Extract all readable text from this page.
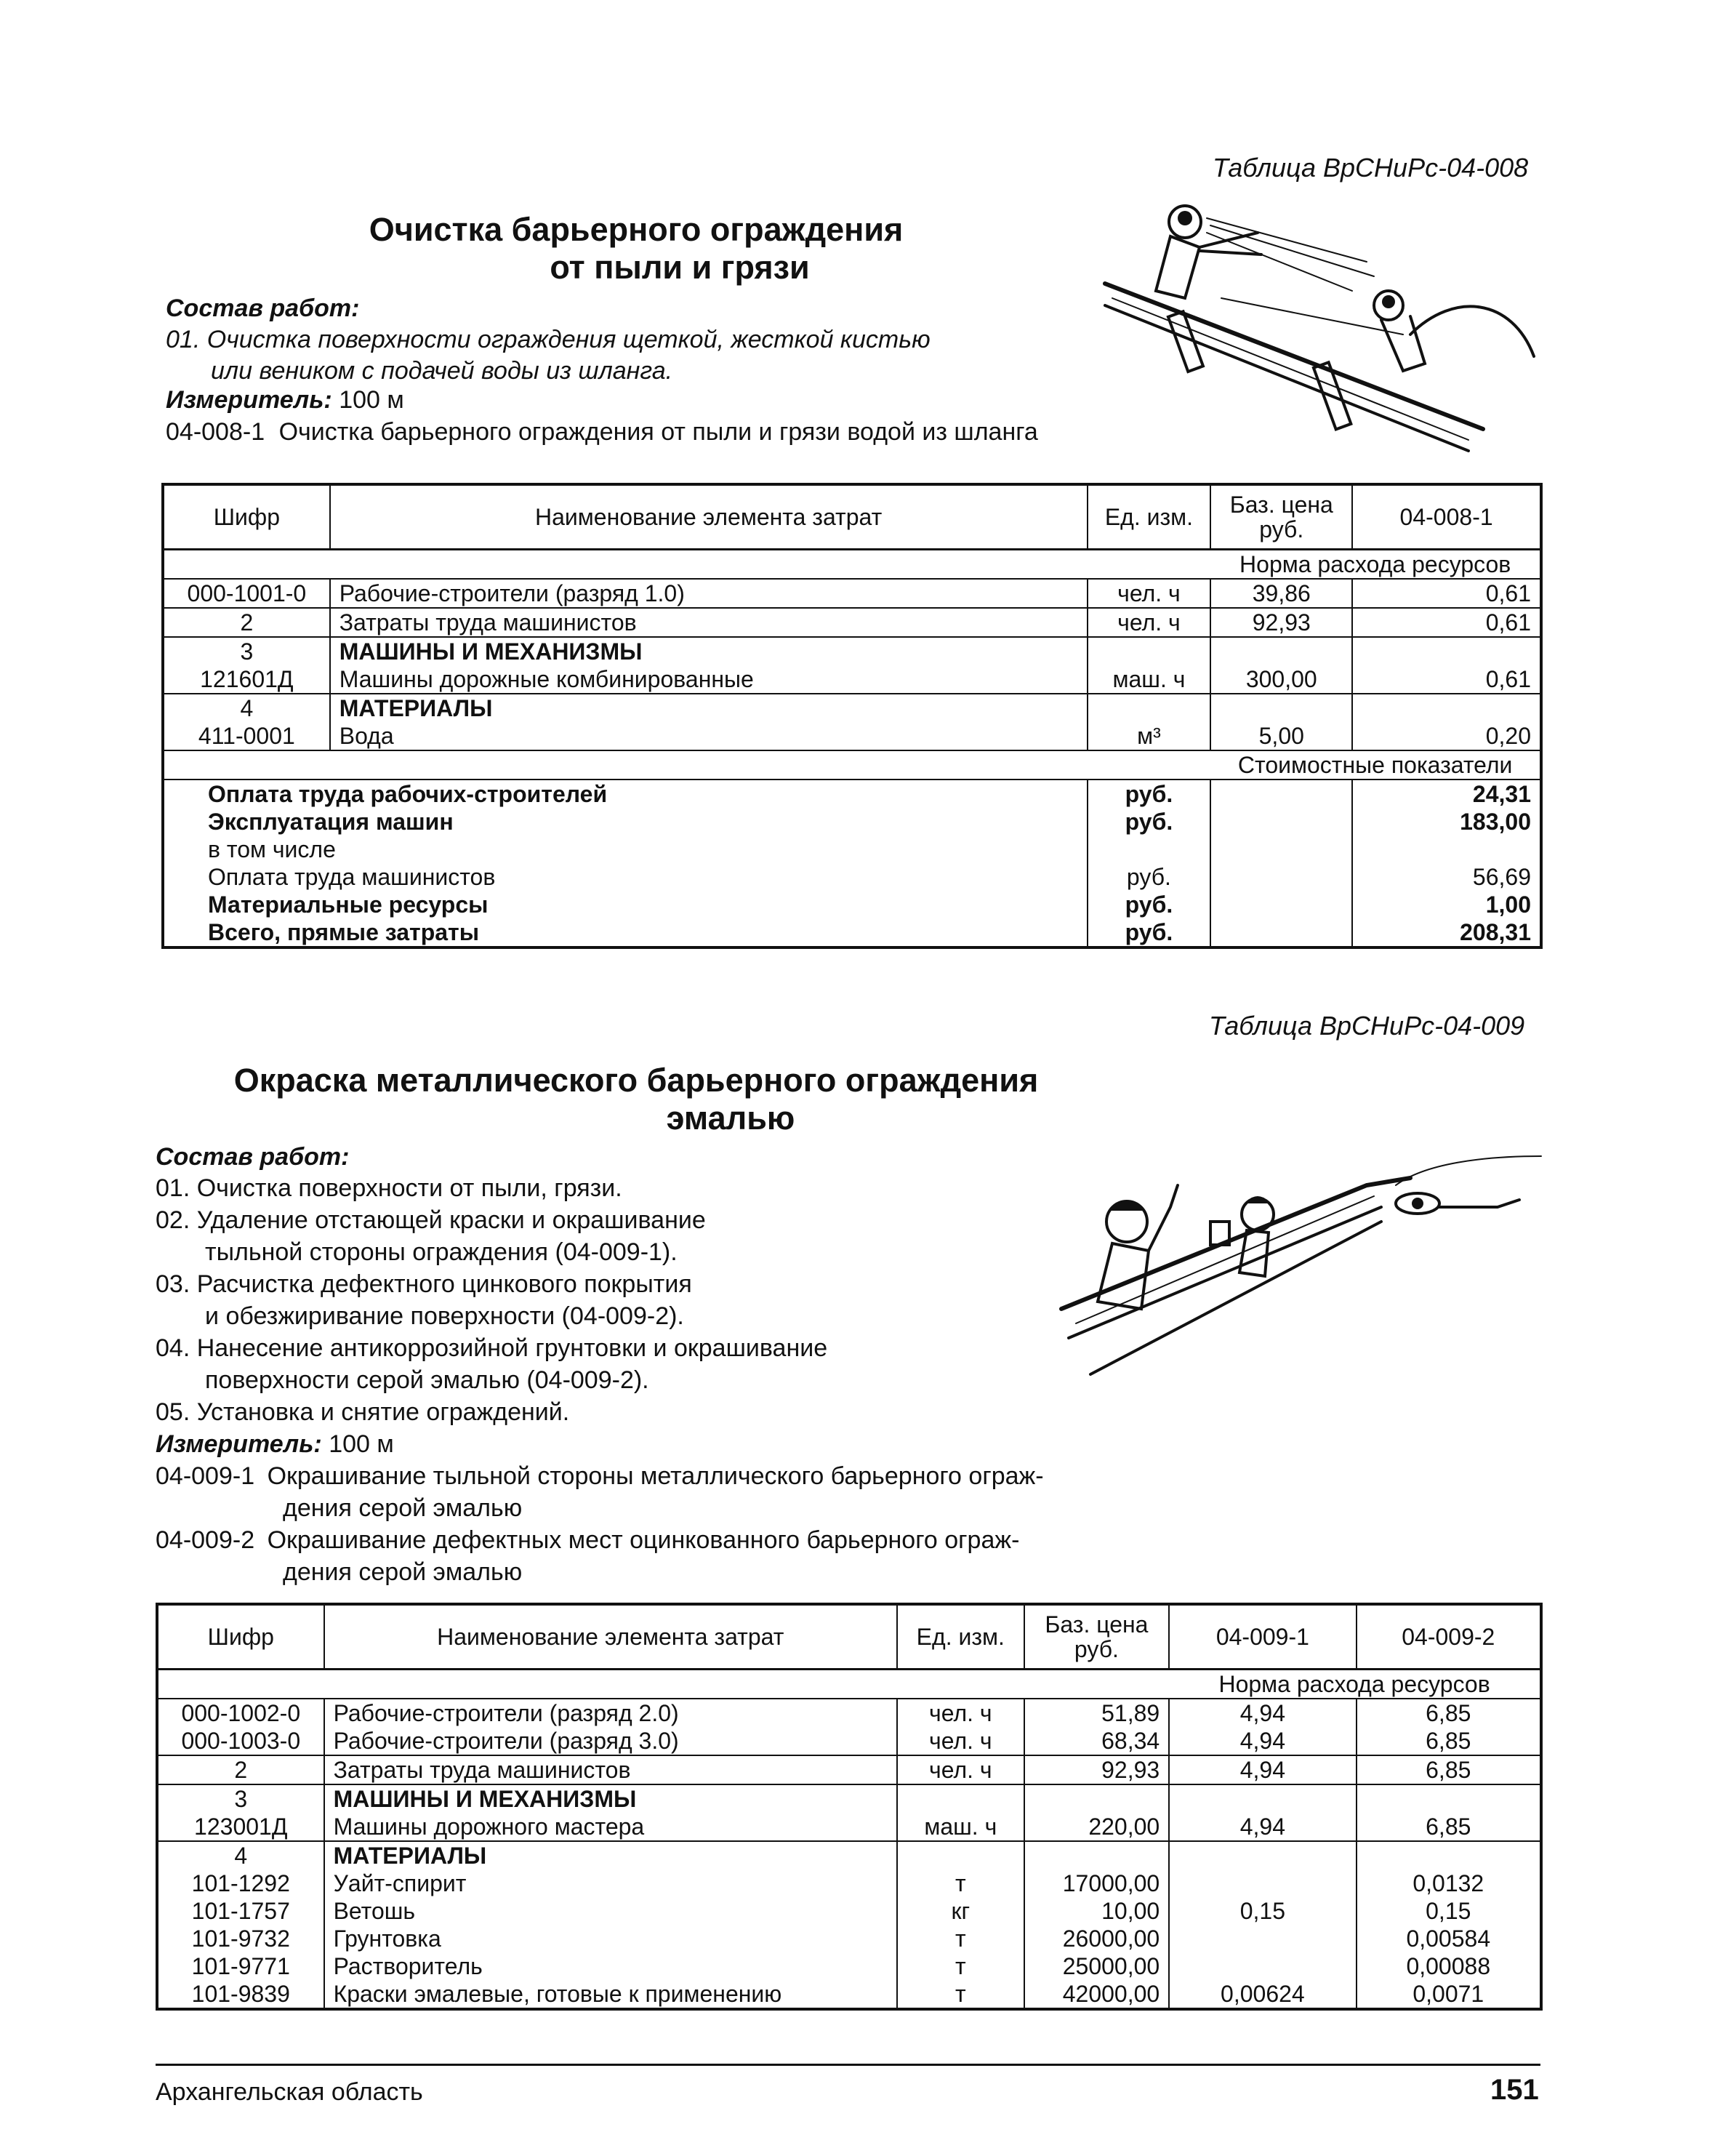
Таблица ВрСНиРс-04-008
Очистка барьерного ограждения
от пыли и грязи
Состав работ:
01. Очистка поверхности ограждения щеткой, жесткой кистью
или веником с подачей воды из шланга.
Измеритель: 100 м
04-008-1 Очистка барьерного ограждения от пыли и грязи водой из шланга
Шифр	Наименование элемента затрат	Ед. изм.	Баз. цена руб.	04-008-1
			Норма расхода ресурсов	
000-1001-0	Рабочие-строители (разряд 1.0)	чел. ч	39,86	0,61
2	Затраты труда машинистов	чел. ч	92,93	0,61
3	МАШИНЫ И МЕХАНИЗМЫ			
121601Д	Машины дорожные комбинированные	маш. ч	300,00	0,61
4	МАТЕРИАЛЫ			
411-0001	Вода	м³	5,00	0,20
			Стоимостные показатели	
Оплата труда рабочих-строителей		руб.		24,31
Эксплуатация машин		руб.		183,00
в том числе				
Оплата труда машинистов		руб.		56,69
Материальные ресурсы		руб.		1,00
Всего, прямые затраты		руб.		208,31
Таблица ВрСНиРс-04-009
Окраска металлического барьерного ограждения
эмалью
Состав работ:
01. Очистка поверхности от пыли, грязи.
02. Удаление отстающей краски и окрашивание
тыльной стороны ограждения (04-009-1).
03. Расчистка дефектного цинкового покрытия
и обезжиривание поверхности (04-009-2).
04. Нанесение антикоррозийной грунтовки и окрашивание
поверхности серой эмалью (04-009-2).
05. Установка и снятие ограждений.
Измеритель: 100 м
04-009-1 Окрашивание тыльной стороны металлического барьерного ограж-
дения серой эмалью
04-009-2 Окрашивание дефектных мест оцинкованного барьерного ограж-
дения серой эмалью
Шифр	Наименование элемента затрат	Ед. изм.	Баз. цена руб.	04-009-1	04-009-2
				Норма расхода ресурсов	
000-1002-0	Рабочие-строители (разряд 2.0)	чел. ч	51,89	4,94	6,85
000-1003-0	Рабочие-строители (разряд 3.0)	чел. ч	68,34	4,94	6,85
2	Затраты труда машинистов	чел. ч	92,93	4,94	6,85
3	МАШИНЫ И МЕХАНИЗМЫ				
123001Д	Машины дорожного мастера	маш. ч	220,00	4,94	6,85
4	МАТЕРИАЛЫ				
101-1292	Уайт-спирит	т	17000,00		0,0132
101-1757	Ветошь	кг	10,00	0,15	0,15
101-9732	Грунтовка	т	26000,00		0,00584
101-9771	Растворитель	т	25000,00		0,00088
101-9839	Краски эмалевые, готовые к применению	т	42000,00	0,00624	0,0071
Архангельская область	151
